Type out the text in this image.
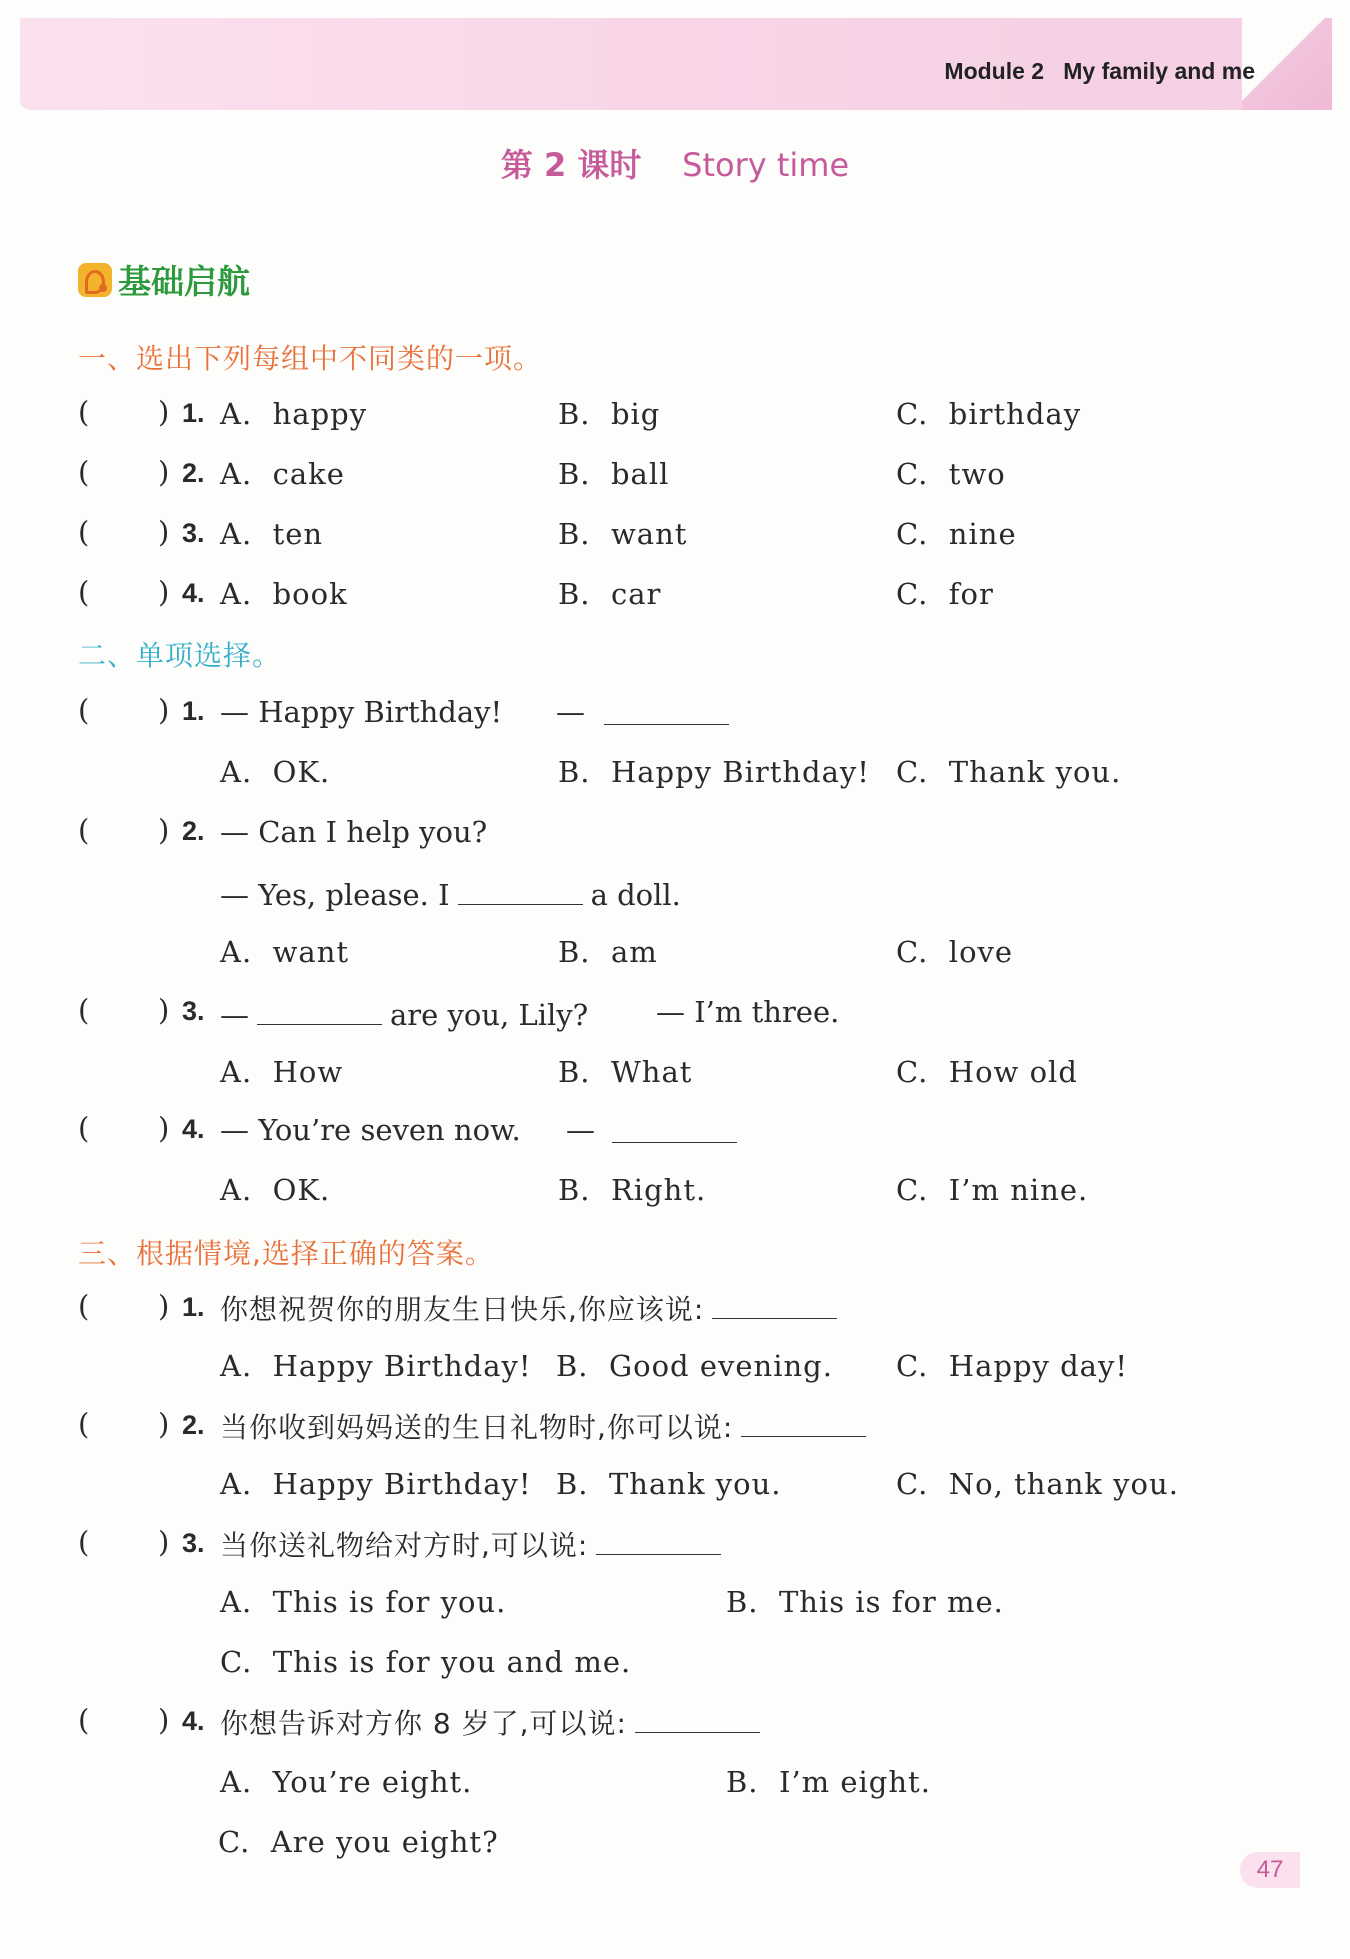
Module 2 My family and me
第 2 课时 Story time
基础启航
一、选出下列每组中不同类的一项。
( ) 1. A.  happy	B.  big	C.  birthday
( ) 2. A.  cake	B.  ball	C.  two
( ) 3. A.  ten	B.  want	C.  nine
( ) 4. A.  book	B.  car	C.  for
二、单项选择。
( ) 1. — Happy Birthday! —
A.  OK.	B.  Happy Birthday! C.  Thank you.
( ) 2. — Can I help you?
— Yes, please. I	a doll.
A.  want	B.  am	C.  love
( ) 3. —	are you, Lily? — I’m three.
A.  How	B.  What	C.  How old
( ) 4. — You’re seven now. —
A.  OK.	B.  Right.	C.  I’m nine.
三、根据情境,选择正确的答案。
( ) 1. 你想祝贺你的朋友生日快乐,你应该说:
A.  Happy Birthday! B.  Good evening. C.  Happy day!
( ) 2. 当你收到妈妈送的生日礼物时,你可以说:
A.  Happy Birthday! B.  Thank you.	C.  No, thank you.
( ) 3. 当你送礼物给对方时,可以说:
A.  This is for you.	B.  This is for me.
C.  This is for you and me.
( ) 4. 你想告诉对方你 8 岁了,可以说:
A.  You’re eight.	B.  I’m eight.
C.  Are you eight?
47
